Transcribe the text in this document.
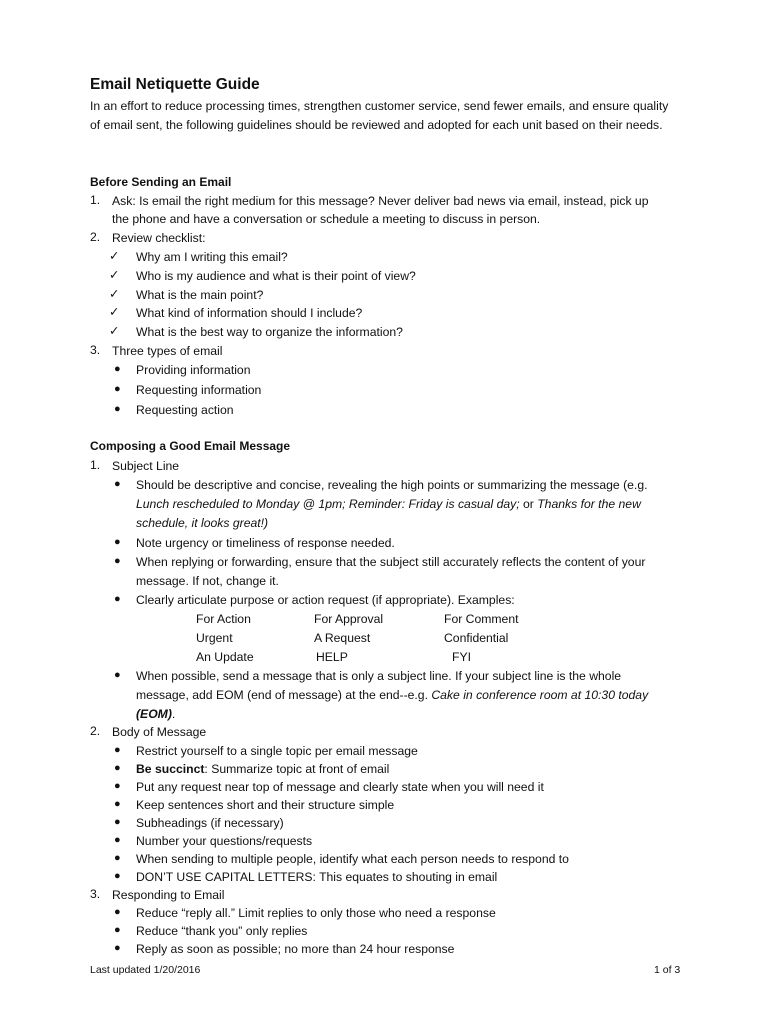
Email Netiquette Guide
In an effort to reduce processing times, strengthen customer service, send fewer emails, and ensure quality of email sent, the following guidelines should be reviewed and adopted for each unit based on their needs.
Before Sending an Email
1. Ask: Is email the right medium for this message? Never deliver bad news via email, instead, pick up
the phone and have a conversation or schedule a meeting to discuss in person.
2. Review checklist:
✓ Why am I writing this email?
✓ Who is my audience and what is their point of view?
✓ What is the main point?
✓ What kind of information should I include?
✓ What is the best way to organize the information?
3. Three types of email
● Providing information
● Requesting information
● Requesting action
Composing a Good Email Message
1. Subject Line
● Should be descriptive and concise, revealing the high points or summarizing the message (e.g.
Lunch rescheduled to Monday @ 1pm; Reminder: Friday is casual day; or Thanks for the new
schedule, it looks great!)
● Note urgency or timeliness of response needed.
● When replying or forwarding, ensure that the subject still accurately reflects the content of your
message. If not, change it.
● Clearly articulate purpose or action request (if appropriate). Examples:
For Action	For Approval	For Comment
Urgent	A Request	Confidential
An Update	HELP	FYI
● When possible, send a message that is only a subject line. If your subject line is the whole
message, add EOM (end of message) at the end--e.g. Cake in conference room at 10:30 today
(EOM).
2. Body of Message
● Restrict yourself to a single topic per email message
● Be succinct: Summarize topic at front of email
● Put any request near top of message and clearly state when you will need it
● Keep sentences short and their structure simple
● Subheadings (if necessary)
● Number your questions/requests
● When sending to multiple people, identify what each person needs to respond to
● DON’T USE CAPITAL LETTERS: This equates to shouting in email
3. Responding to Email
● Reduce “reply all.” Limit replies to only those who need a response
● Reduce “thank you” only replies
● Reply as soon as possible; no more than 24 hour response
Last updated 1/20/2016	1 of 3
